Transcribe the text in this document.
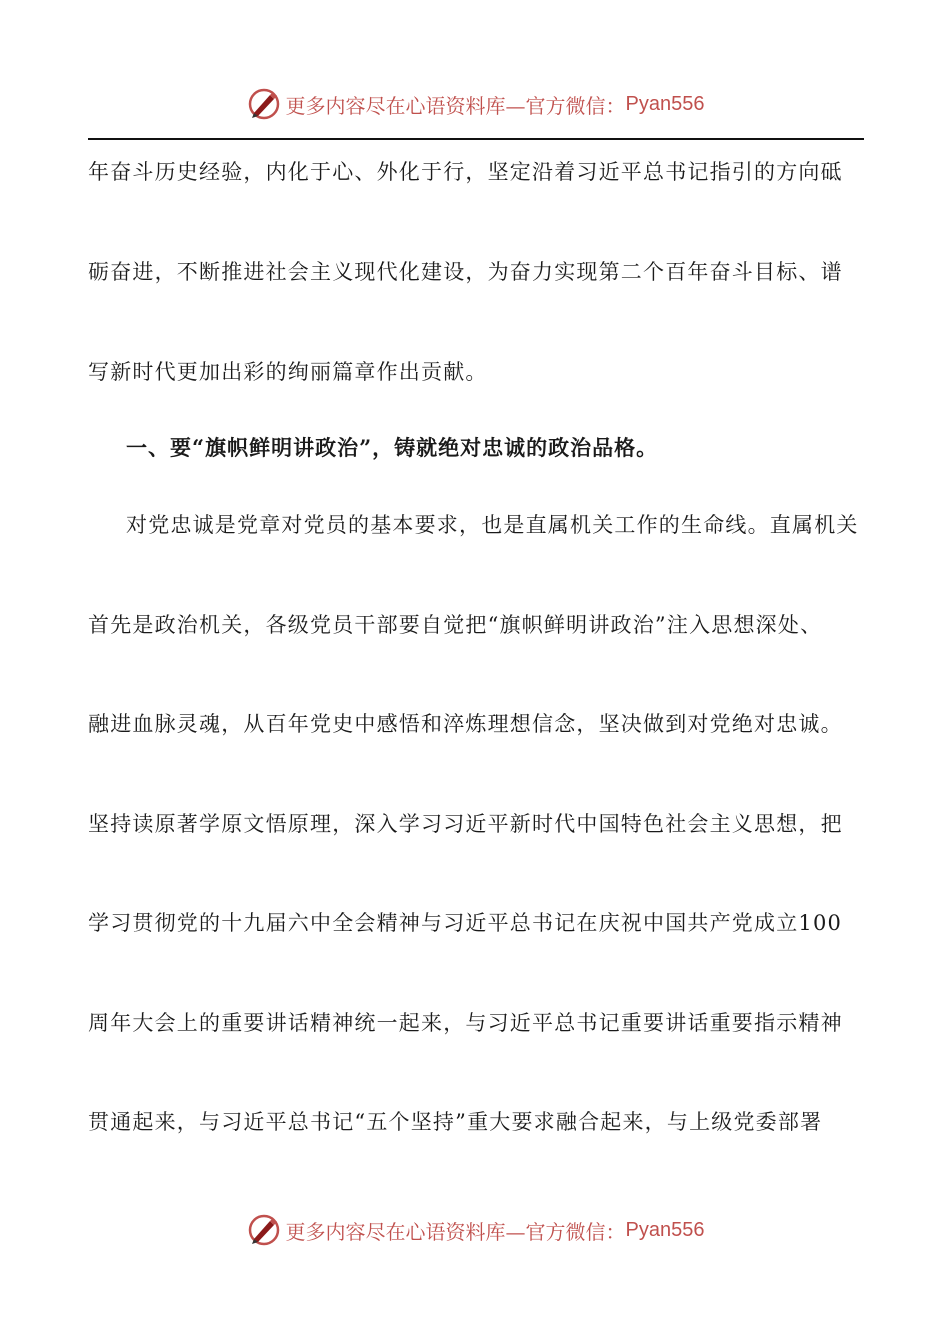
更多内容尽在心语资料库—官方微信： Pyan556
年奋斗历史经验，内化于心、外化于行，坚定沿着习近平总书记指引的方向砥
砺奋进，不断推进社会主义现代化建设，为奋力实现第二个百年奋斗目标、谱
写新时代更加出彩的绚丽篇章作出贡献。
一、要“旗帜鲜明讲政治”，铸就绝对忠诚的政治品格。
对党忠诚是党章对党员的基本要求，也是直属机关工作的生命线。直属机关
首先是政治机关，各级党员干部要自觉把“旗帜鲜明讲政治”注入思想深处、
融进血脉灵魂，从百年党史中感悟和淬炼理想信念，坚决做到对党绝对忠诚。
坚持读原著学原文悟原理，深入学习习近平新时代中国特色社会主义思想，把
学习贯彻党的十九届六中全会精神与习近平总书记在庆祝中国共产党成立100
周年大会上的重要讲话精神统一起来，与习近平总书记重要讲话重要指示精神
贯通起来，与习近平总书记“五个坚持”重大要求融合起来，与上级党委部署
更多内容尽在心语资料库—官方微信： Pyan556
